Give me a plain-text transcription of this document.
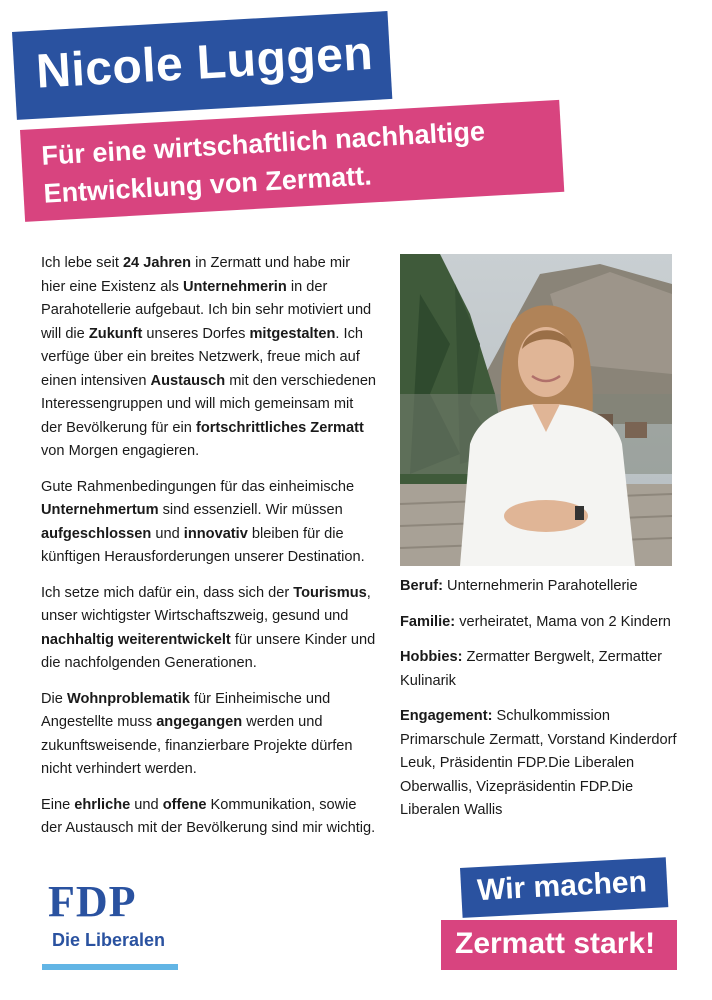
Nicole Luggen
Für eine wirtschaftlich nachhaltige
Entwicklung von Zermatt.

Ich lebe seit 24 Jahren in Zermatt und habe mir hier eine Existenz als Unternehmerin in der Parahotellerie aufgebaut. Ich bin sehr motiviert und will die Zukunft unseres Dorfes mitgestalten. Ich verfüge über ein breites Netzwerk, freue mich auf einen intensiven Austausch mit den verschiedenen Interessengruppen und will mich gemeinsam mit der Bevölkerung für ein fortschrittliches Zermatt von Morgen engagieren.

Gute Rahmenbedingungen für das einheimische Unternehmertum sind essenziell. Wir müssen aufgeschlossen und innovativ bleiben für die künftigen Herausforderungen unserer Destination.

Ich setze mich dafür ein, dass sich der Tourismus, unser wichtigster Wirtschaftszweig, gesund und nachhaltig weiterentwickelt für unsere Kinder und die nachfolgenden Generationen.

Die Wohnproblematik für Einheimische und Angestellte muss angegangen werden und zukunftsweisende, finanzierbare Projekte dürfen nicht verhindert werden.

Eine ehrliche und offene Kommunikation, sowie der Austausch mit der Bevölkerung sind mir wichtig.

Beruf: Unternehmerin Parahotellerie
Familie: verheiratet, Mama von 2 Kindern
Hobbies: Zermatter Bergwelt, Zermatter Kulinarik
Engagement: Schulkommission Primarschule Zermatt, Vorstand Kinderdorf Leuk, Präsidentin FDP.Die Liberalen Oberwallis, Vizepräsidentin FDP.Die Liberalen Wallis
FDP
Die Liberalen
Wir machen
Zermatt stark!
